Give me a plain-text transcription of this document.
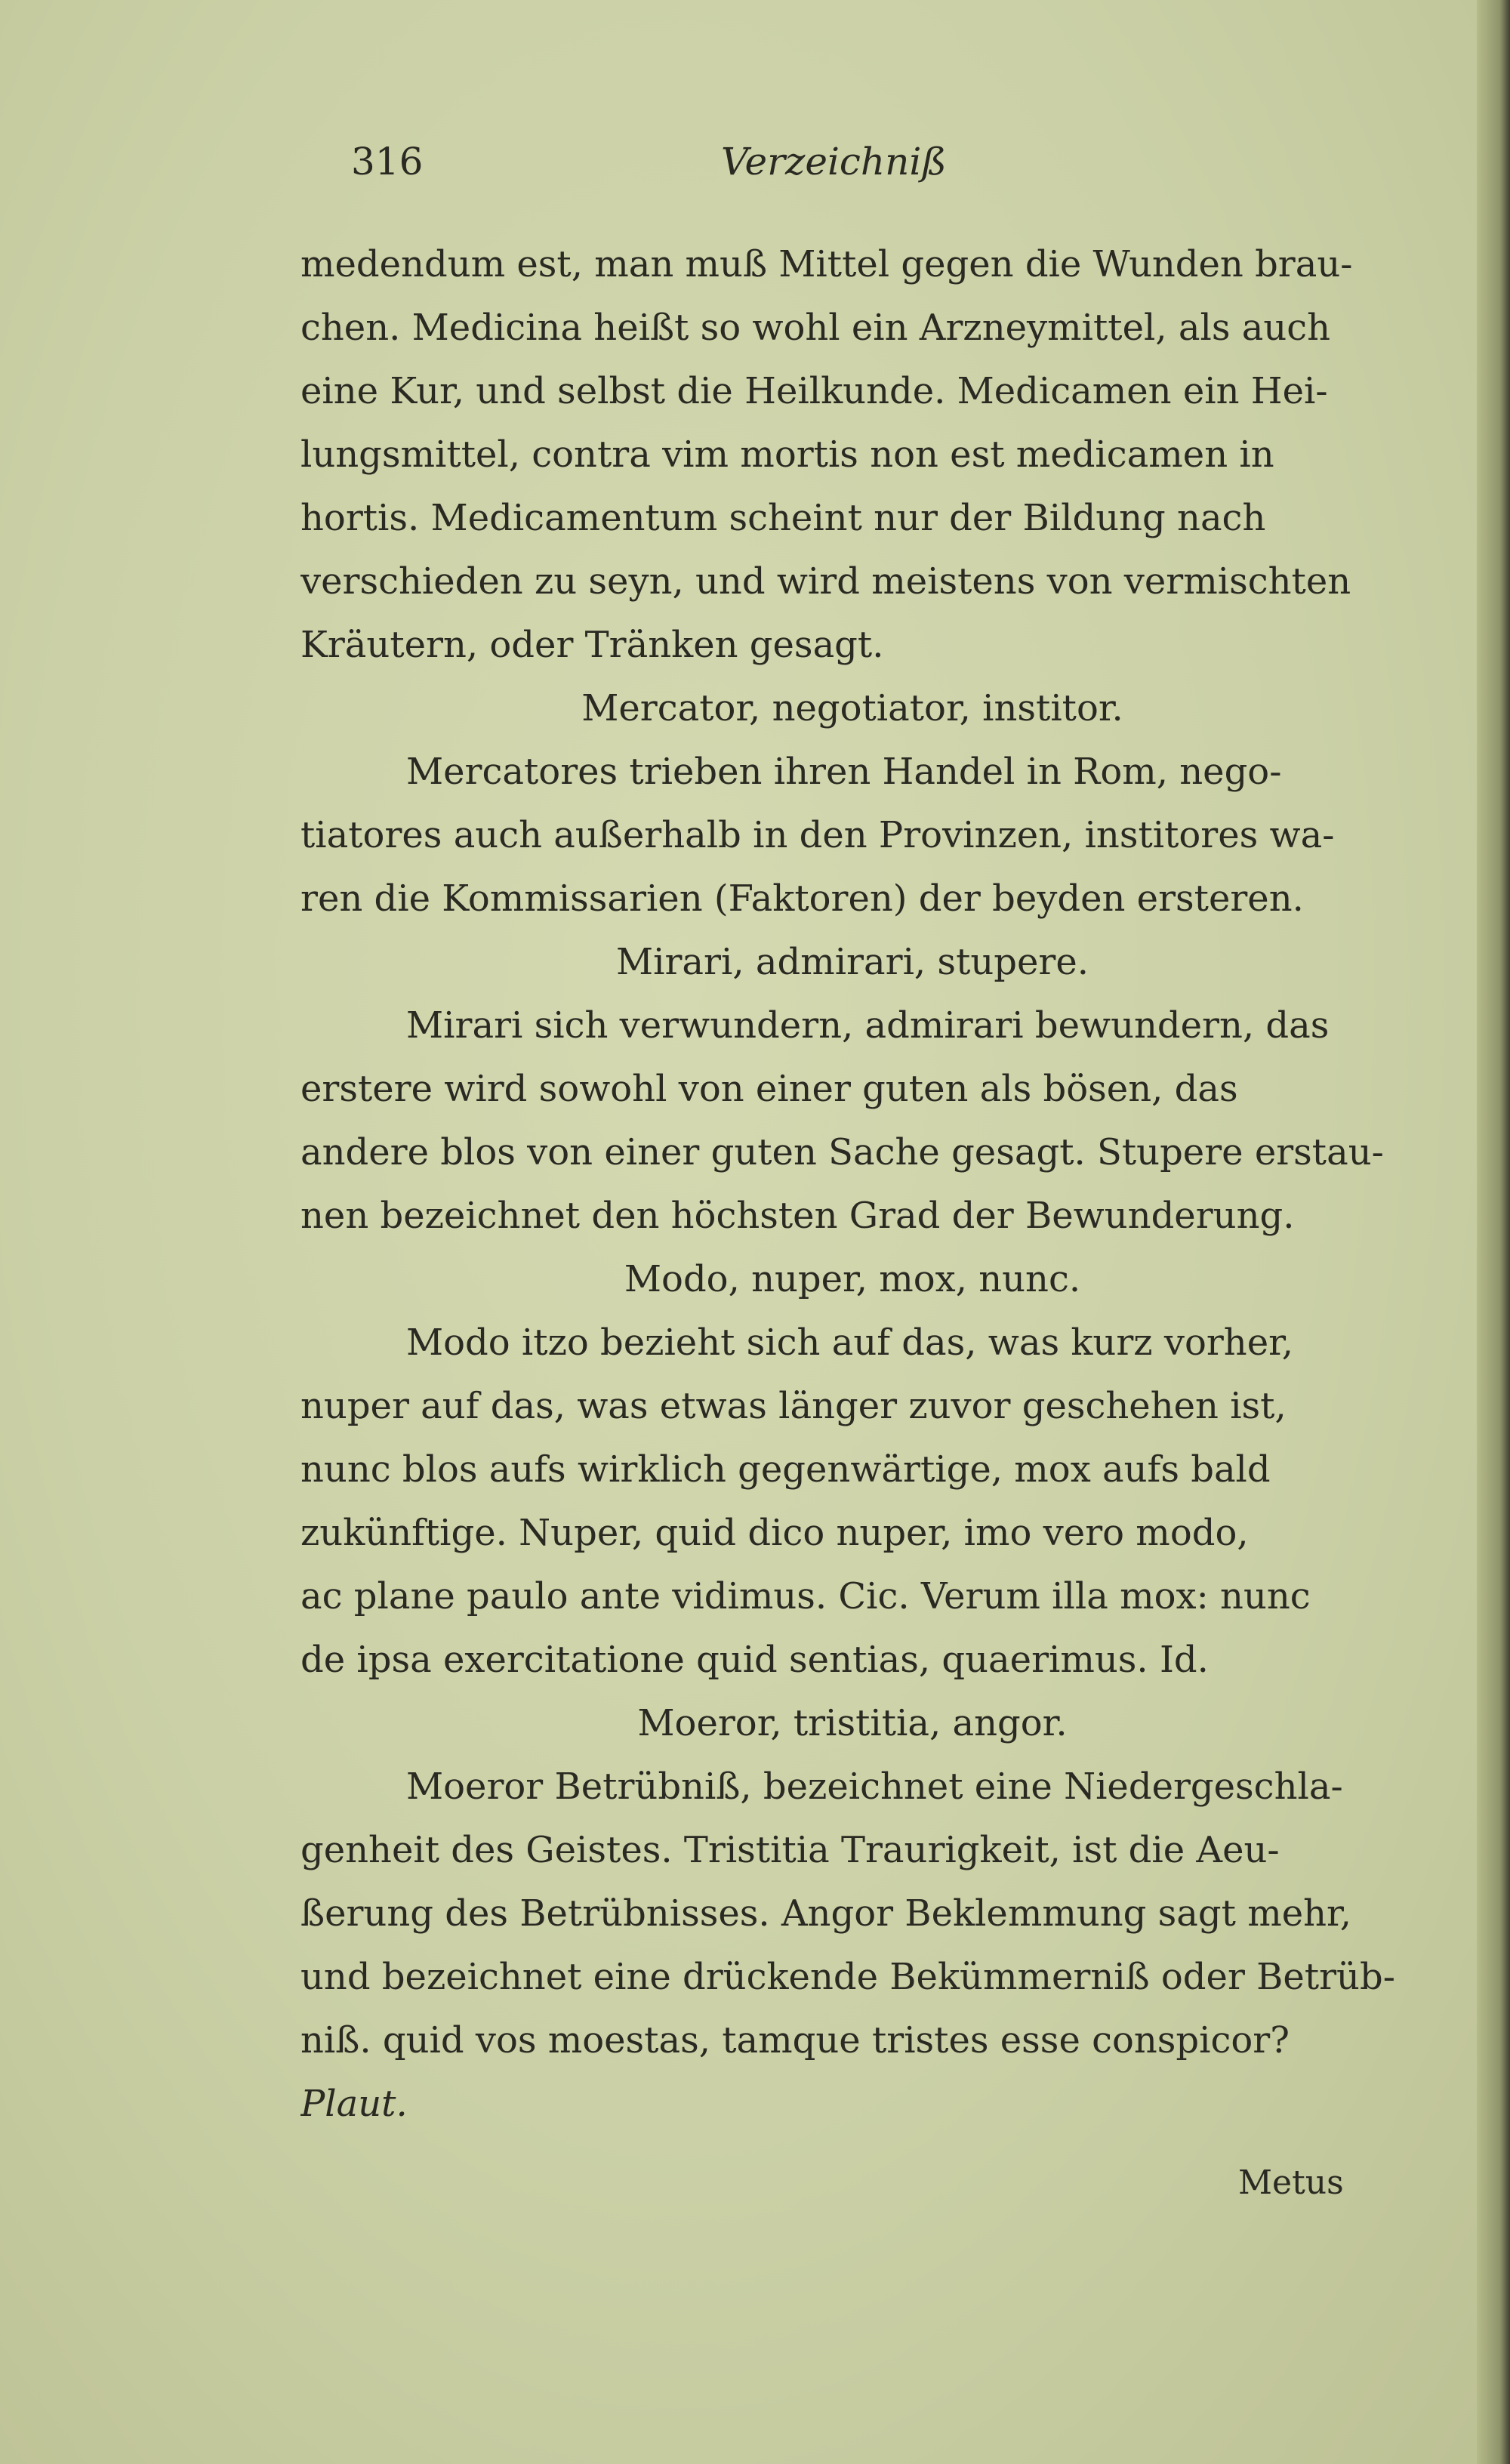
316	Verzeichniß
medendum est, man muß Mittel gegen die Wunden brau-
chen. Medicina heißt so wohl ein Arzneymittel, als auch
eine Kur, und selbst die Heilkunde. Medicamen ein Hei-
lungsmittel, contra vim mortis non est medicamen in
hortis. Medicamentum scheint nur der Bildung nach
verschieden zu seyn, und wird meistens von vermischten
Kräutern, oder Tränken gesagt.
Mercator, negotiator, institor.
Mercatores trieben ihren Handel in Rom, nego-
tiatores auch außerhalb in den Provinzen, institores wa-
ren die Kommissarien (Faktoren) der beyden ersteren.
Mirari, admirari, stupere.
Mirari sich verwundern, admirari bewundern, das
erstere wird sowohl von einer guten als bösen, das
andere blos von einer guten Sache gesagt. Stupere erstau-
nen bezeichnet den höchsten Grad der Bewunderung.
Modo, nuper, mox, nunc.
Modo itzo bezieht sich auf das, was kurz vorher,
nuper auf das, was etwas länger zuvor geschehen ist,
nunc blos aufs wirklich gegenwärtige, mox aufs bald
zukünftige. Nuper, quid dico nuper, imo vero modo,
ac plane paulo ante vidimus. Cic. Verum illa mox: nunc
de ipsa exercitatione quid sentias, quaerimus. Id.
Moeror, tristitia, angor.
Moeror Betrübniß, bezeichnet eine Niedergeschla-
genheit des Geistes. Tristitia Traurigkeit, ist die Aeu-
ßerung des Betrübnisses. Angor Beklemmung sagt mehr,
und bezeichnet eine drückende Bekümmerniß oder Betrüb-
niß. quid vos moestas, tamque tristes esse conspicor?
Plaut.
Metus
